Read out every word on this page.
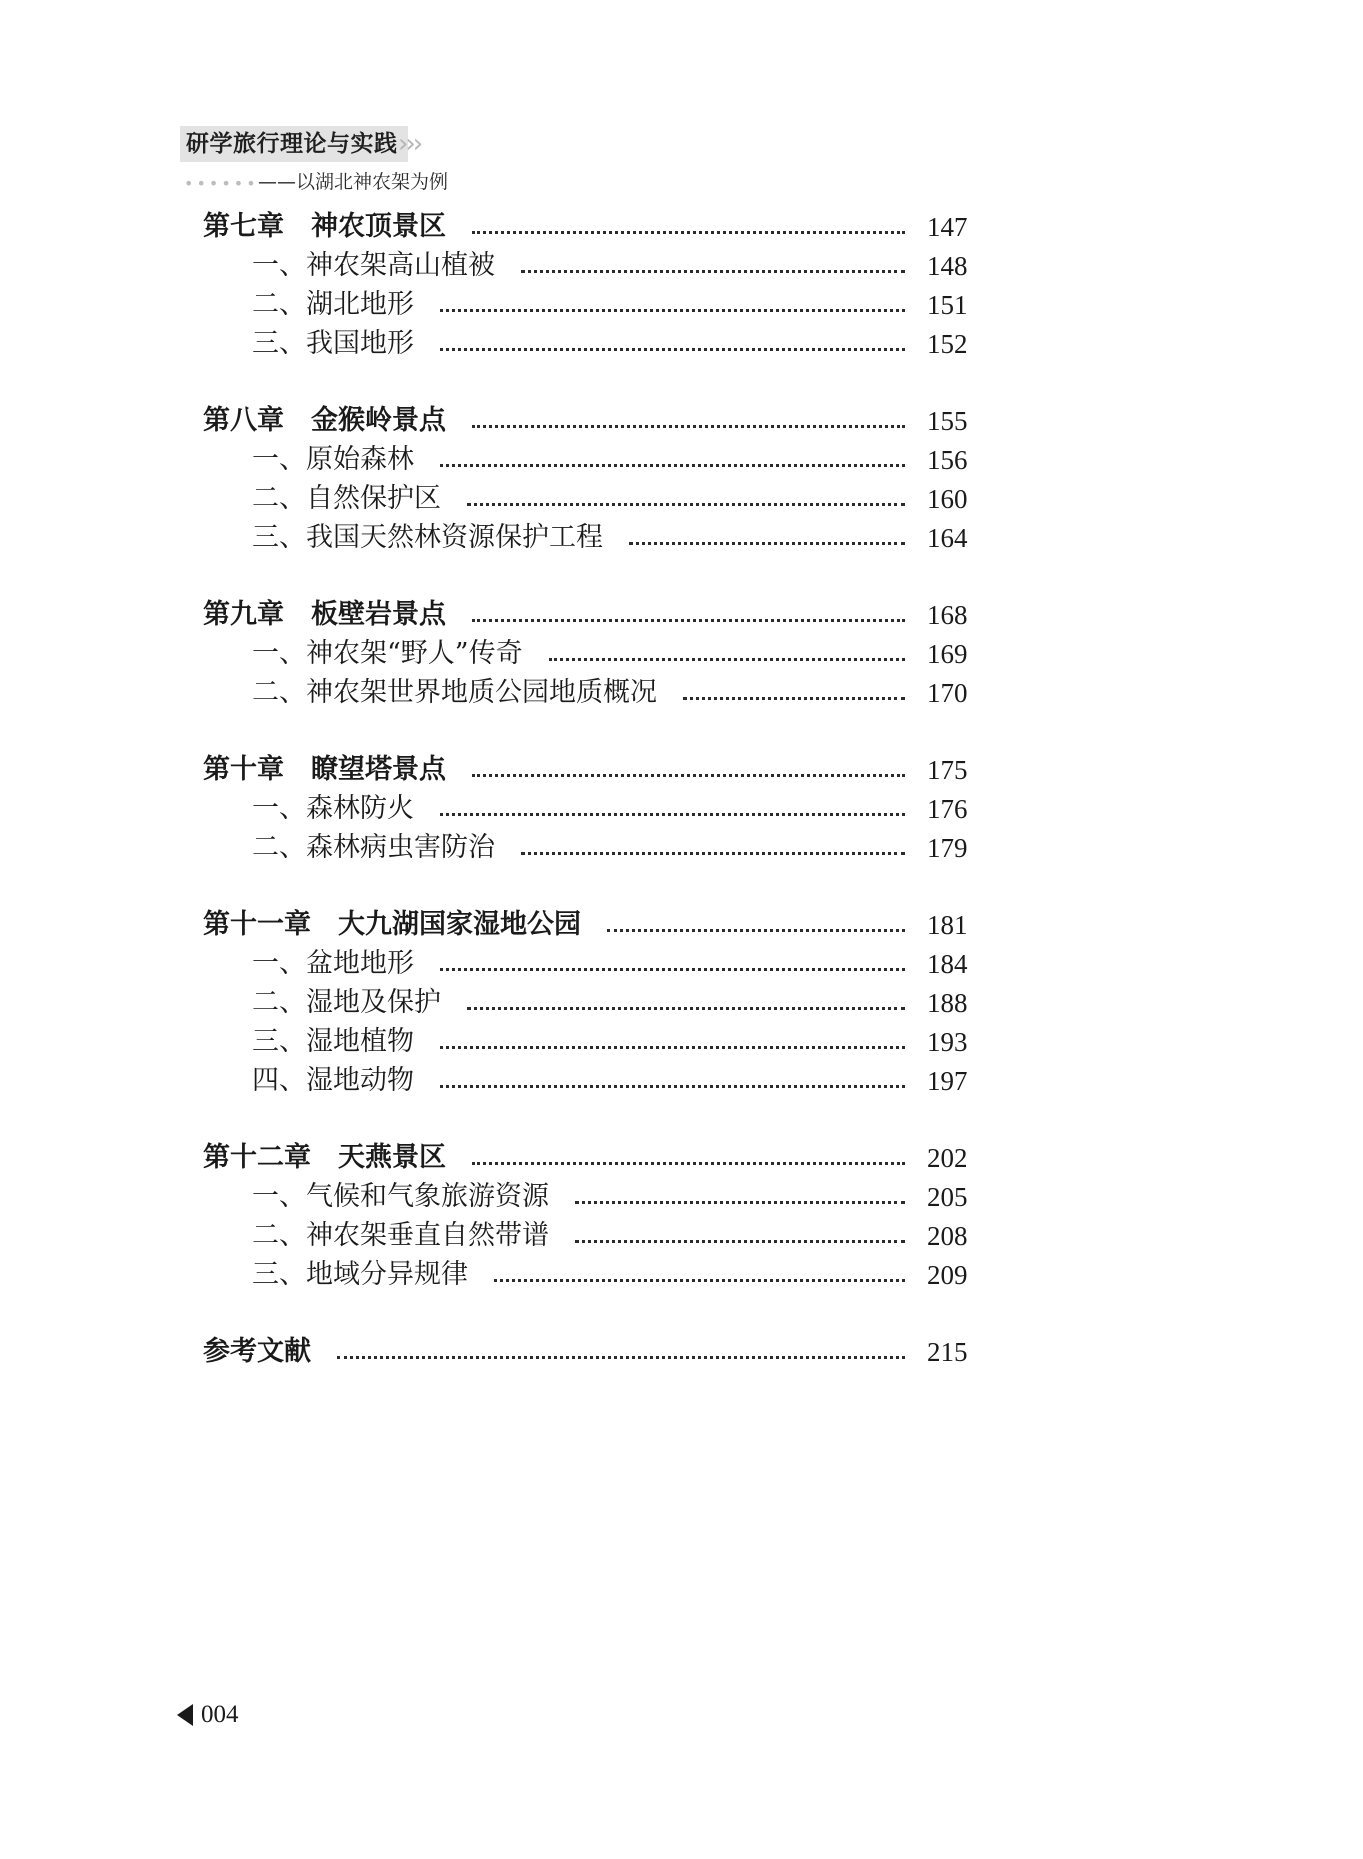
研学旅行理论与实践 ›››
•••••• ——以湖北神农架为例
第七章　神农顶景区	147
一、神农架高山植被	148
二、湖北地形	151
三、我国地形	152
第八章　金猴岭景点	155
一、原始森林	156
二、自然保护区	160
三、我国天然林资源保护工程	164
第九章　板壁岩景点	168
一、神农架“野人”传奇	169
二、神农架世界地质公园地质概况	170
第十章　瞭望塔景点	175
一、森林防火	176
二、森林病虫害防治	179
第十一章　大九湖国家湿地公园	181
一、盆地地形	184
二、湿地及保护	188
三、湿地植物	193
四、湿地动物	197
第十二章　天燕景区	202
一、气候和气象旅游资源	205
二、神农架垂直自然带谱	208
三、地域分异规律	209
参考文献	215
004
